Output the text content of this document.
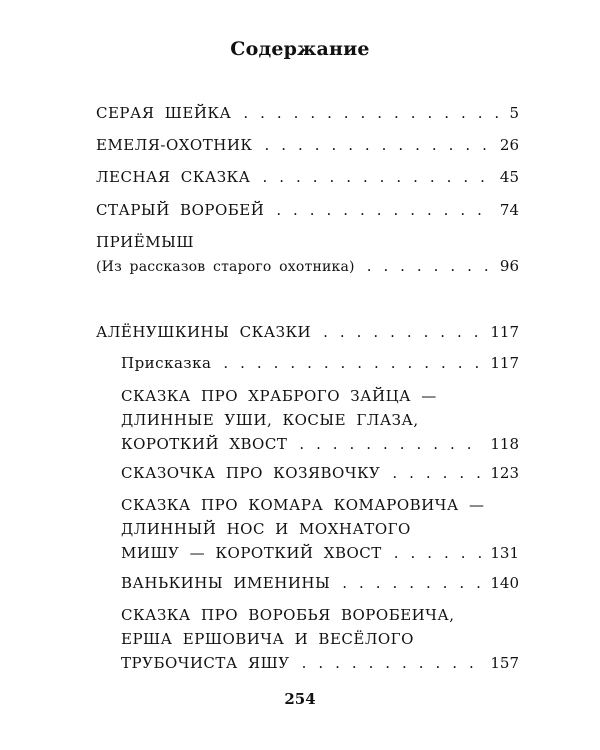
Содержание
СЕРАЯ ШЕЙКА . . .	5
ЕМЕЛЯ-ОХОТНИК . . .	26
ЛЕСНАЯ СКАЗКА . . .	45
СТАРЫЙ ВОРОБЕЙ . . .	74
ПРИЁМЫШ
(Из рассказов старого охотника) . . .	96
АЛЁНУШКИНЫ СКАЗКИ . . .	117
Присказка . . .	117
СКАЗКА ПРО ХРАБРОГО ЗАЙЦА —
ДЛИННЫЕ УШИ, КОСЫЕ ГЛАЗА,
КОРОТКИЙ ХВОСТ . . .	118
СКАЗОЧКА ПРО КОЗЯВОЧКУ . . .	123
СКАЗКА ПРО КОМАРА КОМАРОВИЧА —
ДЛИННЫЙ НОС И МОХНАТОГО
МИШУ — КОРОТКИЙ ХВОСТ . . .	131
ВАНЬКИНЫ ИМЕНИНЫ . . .	140
СКАЗКА ПРО ВОРОБЬЯ ВОРОБЕИЧА,
ЕРША ЕРШОВИЧА И ВЕСЁЛОГО
ТРУБОЧИСТА ЯШУ . . .	157
254
